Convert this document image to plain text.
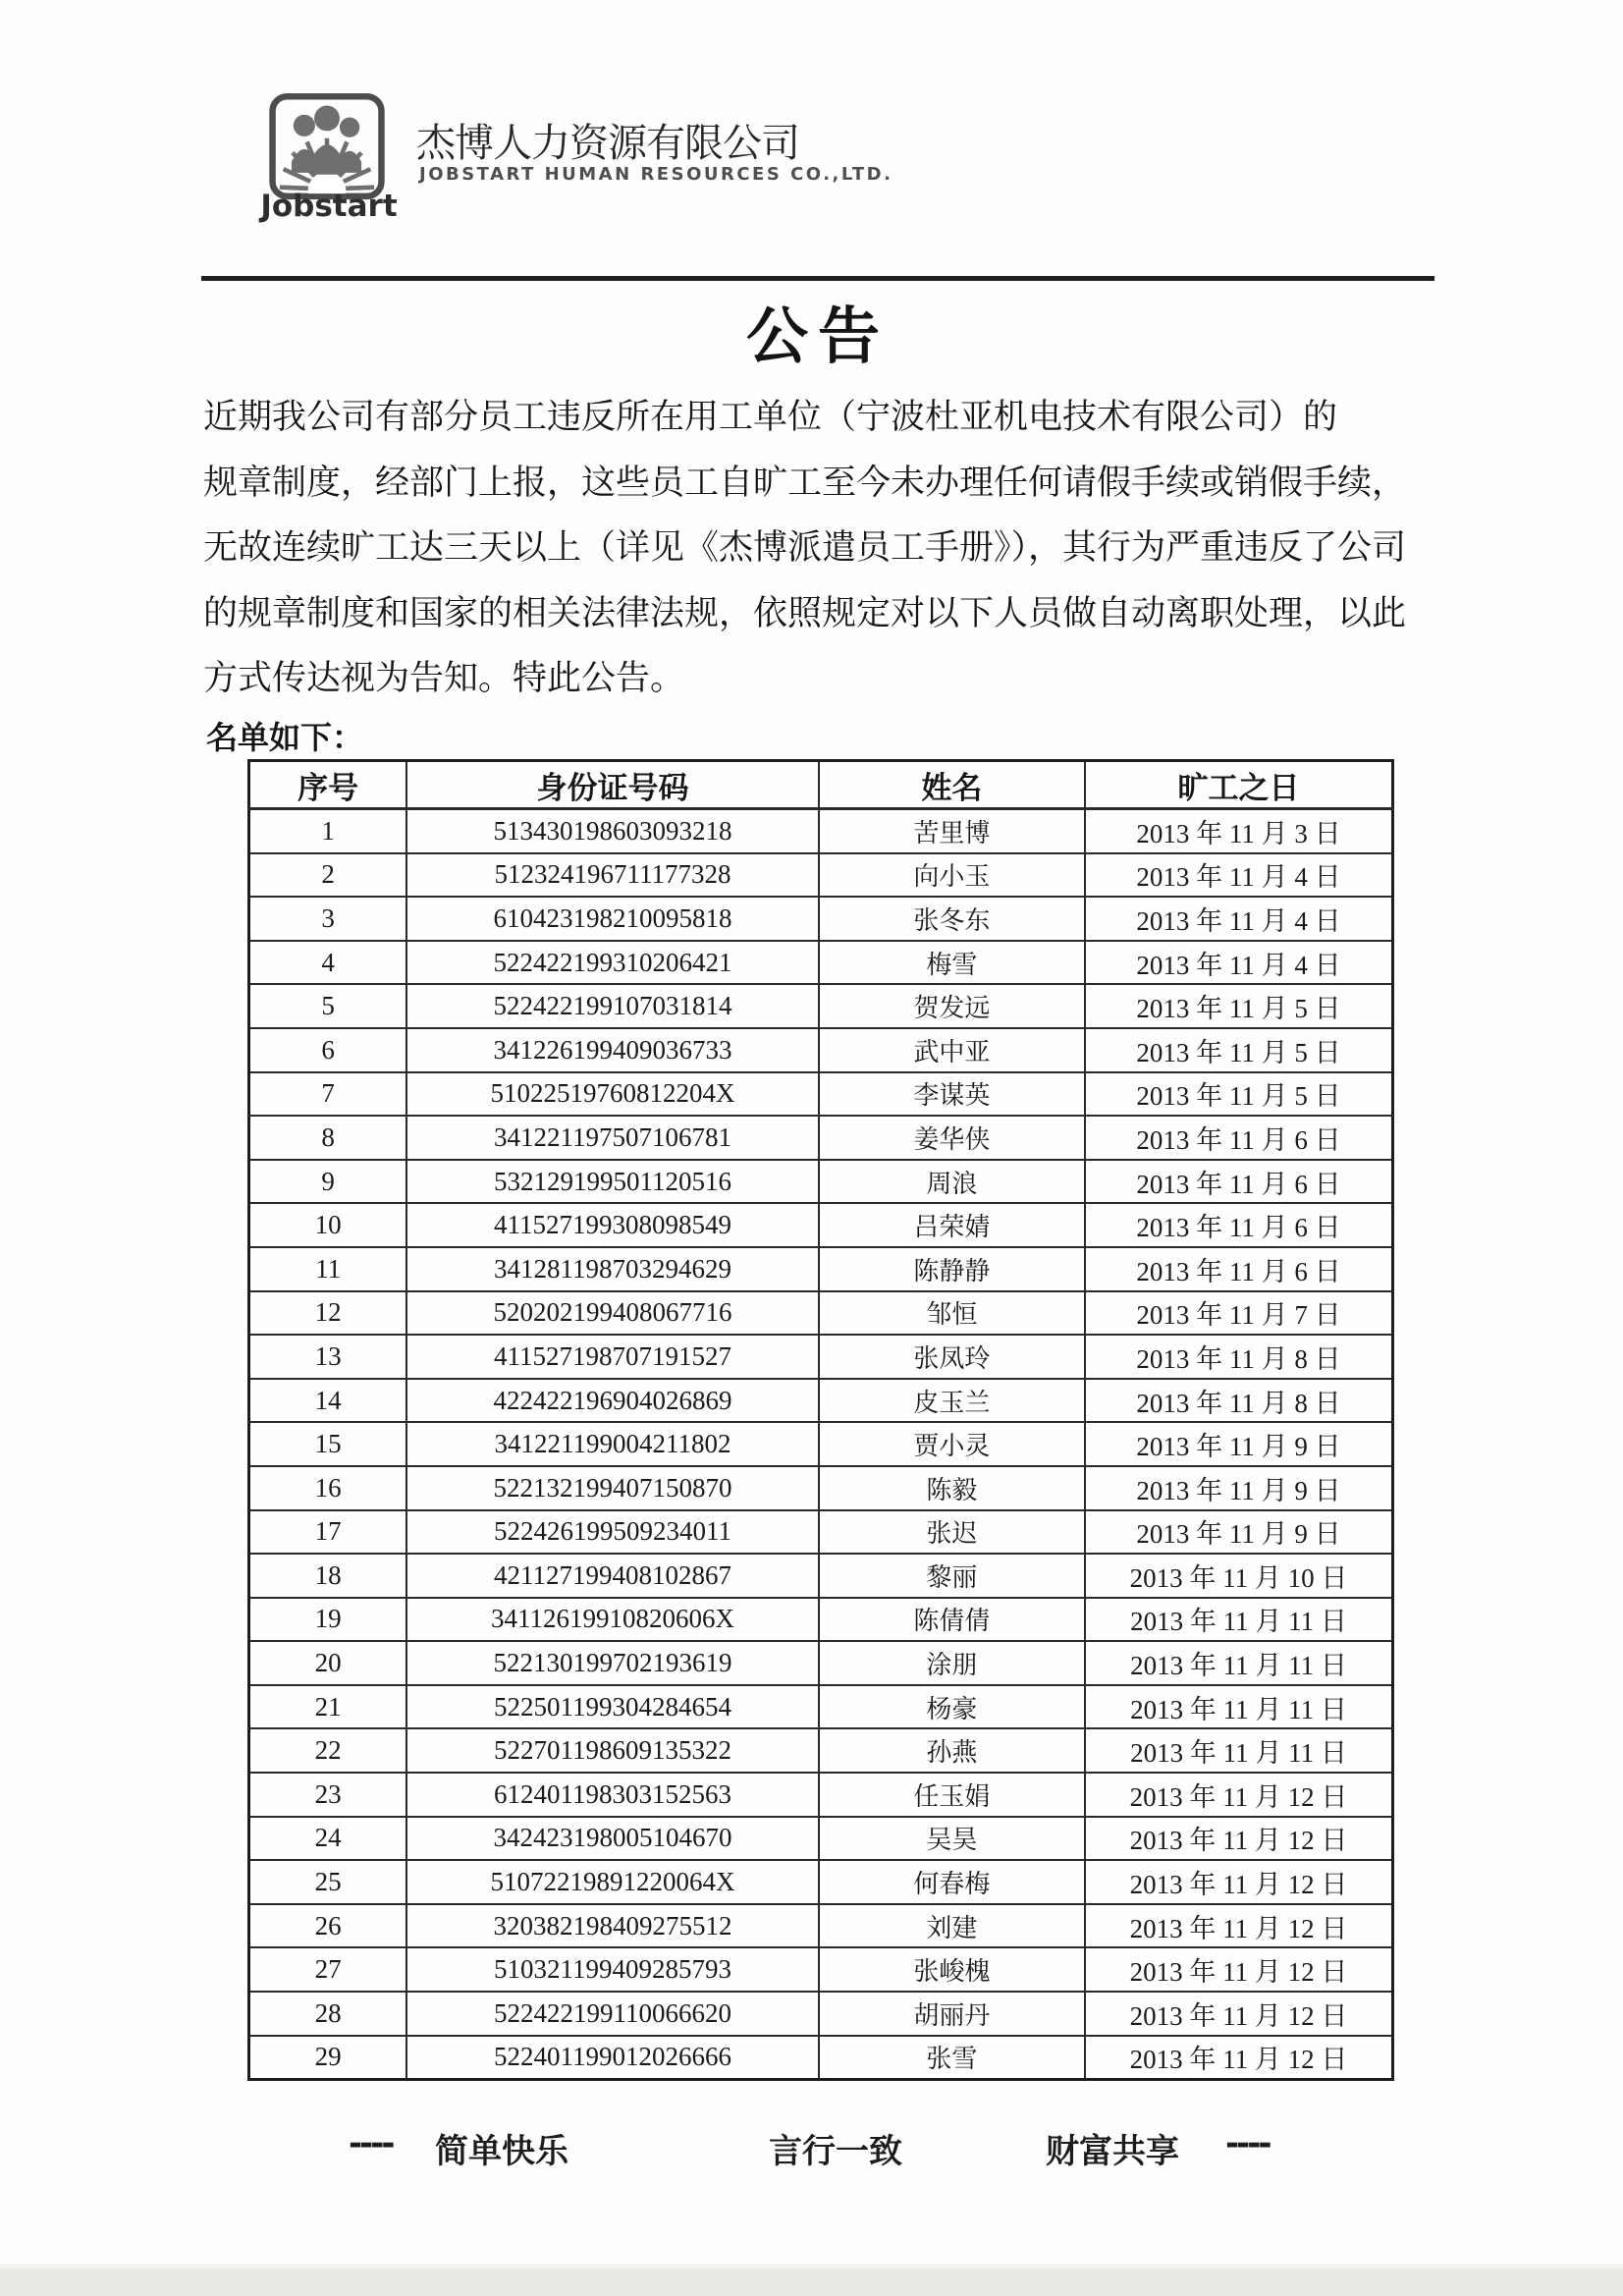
Jobstart
杰博人力资源有限公司
JOBSTART HUMAN RESOURCES CO.,LTD.
公告
近期我公司有部分员工违反所在用工单位（宁波杜亚机电技术有限公司）的
规章制度，经部门上报，这些员工自旷工至今未办理任何请假手续或销假手续，
无故连续旷工达三天以上（详见《杰博派遣员工手册》），其行为严重违反了公司
的规章制度和国家的相关法律法规，依照规定对以下人员做自动离职处理，以此
方式传达视为告知。特此公告。
名单如下：
序号	身份证号码	姓名	旷工之日
1	513430198603093218	苦里博	2013 年 11 月 3 日
2	512324196711177328	向小玉	2013 年 11 月 4 日
3	610423198210095818	张冬东	2013 年 11 月 4 日
4	522422199310206421	梅雪	2013 年 11 月 4 日
5	522422199107031814	贺发远	2013 年 11 月 5 日
6	341226199409036733	武中亚	2013 年 11 月 5 日
7	51022519760812204X	李谋英	2013 年 11 月 5 日
8	341221197507106781	姜华侠	2013 年 11 月 6 日
9	532129199501120516	周浪	2013 年 11 月 6 日
10	411527199308098549	吕荣婧	2013 年 11 月 6 日
11	341281198703294629	陈静静	2013 年 11 月 6 日
12	520202199408067716	邹恒	2013 年 11 月 7 日
13	411527198707191527	张凤玲	2013 年 11 月 8 日
14	422422196904026869	皮玉兰	2013 年 11 月 8 日
15	341221199004211802	贾小灵	2013 年 11 月 9 日
16	522132199407150870	陈毅	2013 年 11 月 9 日
17	522426199509234011	张迟	2013 年 11 月 9 日
18	421127199408102867	黎丽	2013 年 11 月 10 日
19	34112619910820606X	陈倩倩	2013 年 11 月 11 日
20	522130199702193619	涂朋	2013 年 11 月 11 日
21	522501199304284654	杨豪	2013 年 11 月 11 日
22	522701198609135322	孙燕	2013 年 11 月 11 日
23	612401198303152563	任玉娟	2013 年 11 月 12 日
24	342423198005104670	吴昊	2013 年 11 月 12 日
25	51072219891220064X	何春梅	2013 年 11 月 12 日
26	320382198409275512	刘建	2013 年 11 月 12 日
27	510321199409285793	张峻槐	2013 年 11 月 12 日
28	522422199110066620	胡丽丹	2013 年 11 月 12 日
29	522401199012026666	张雪	2013 年 11 月 12 日
---- 简单快乐	言行一致	财富共享 ----
